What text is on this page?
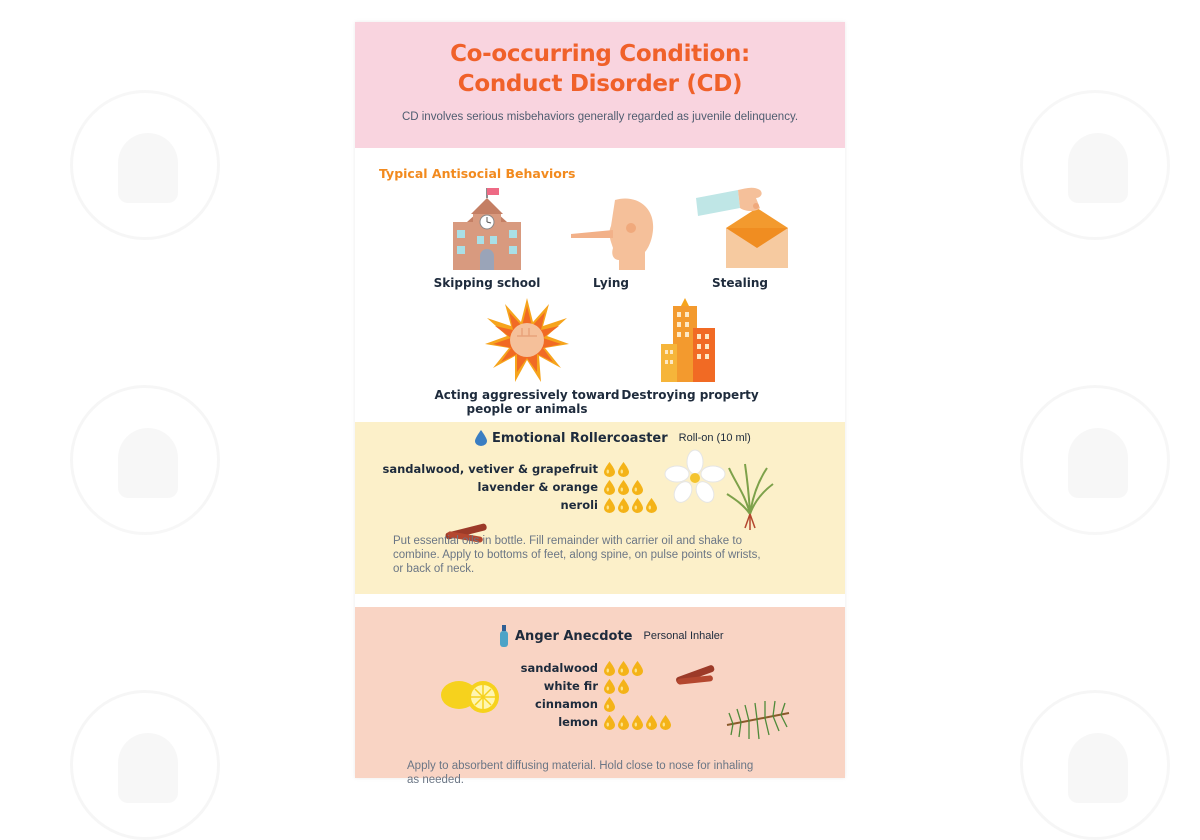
Co-occurring Condition:
Conduct Disorder (CD)

CD involves serious misbehaviors generally regarded as juvenile delinquency.

Typical Antisocial Behaviors
Skipping school	Lying	Stealing
Acting aggressively toward
people or animals
Destroying property
Emotional Rollercoaster Roll-on (10 ml)
sandalwood, vetiver & grapefruit
lavender & orange
neroli
Put essential oils in bottle. Fill remainder with carrier oil and shake to
combine. Apply to bottoms of feet, along spine, on pulse points of wrists,
or back of neck.
Anger Anecdote Personal Inhaler
sandalwood
white fir
cinnamon
lemon
Apply to absorbent diffusing material. Hold close to nose for inhaling
as needed.
